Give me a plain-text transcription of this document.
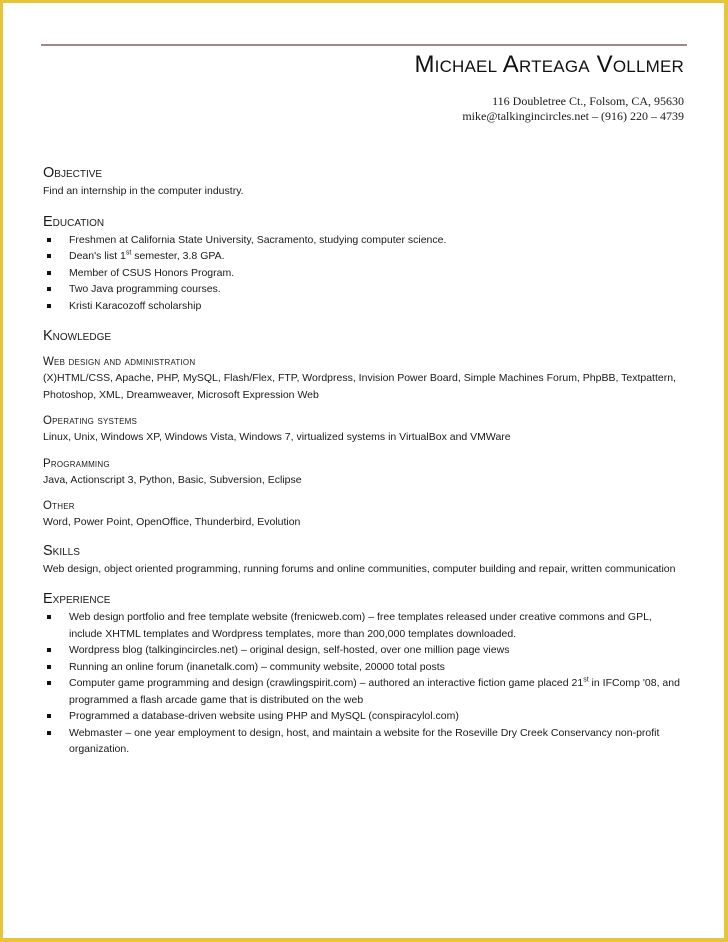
Michael Arteaga Vollmer
116 Doubletree Ct., Folsom, CA, 95630
mike@talkingincircles.net – (916) 220 – 4739
Objective

Find an internship in the computer industry.

Education
Freshmen at California State University, Sacramento, studying computer science.
Dean's list 1st semester, 3.8 GPA.
Member of CSUS Honors Program.
Two Java programming courses.
Kristi Karacozoff scholarship
Knowledge
Web design and administration

(X)HTML/CSS, Apache, PHP, MySQL, Flash/Flex, FTP, Wordpress, Invision Power Board, Simple Machines Forum, PhpBB, Textpattern, Photoshop, XML, Dreamweaver, Microsoft Expression Web

Operating systems

Linux, Unix, Windows XP, Windows Vista, Windows 7, virtualized systems in VirtualBox and VMWare

Programming

Java, Actionscript 3, Python, Basic, Subversion, Eclipse

Other

Word, Power Point, OpenOffice, Thunderbird, Evolution

Skills

Web design, object oriented programming, running forums and online communities, computer building and repair, written communication

Experience
Web design portfolio and free template website (frenicweb.com) – free templates released under creative commons and GPL, include XHTML templates and Wordpress templates, more than 200,000 templates downloaded.
Wordpress blog (talkingincircles.net) – original design, self-hosted, over one million page views
Running an online forum (inanetalk.com) – community website, 20000 total posts
Computer game programming and design (crawlingspirit.com) – authored an interactive fiction game placed 21st in IFComp '08, and programmed a flash arcade game that is distributed on the web
Programmed a database-driven website using PHP and MySQL (conspiracylol.com)
Webmaster – one year employment to design, host, and maintain a website for the Roseville Dry Creek Conservancy non-profit organization.
